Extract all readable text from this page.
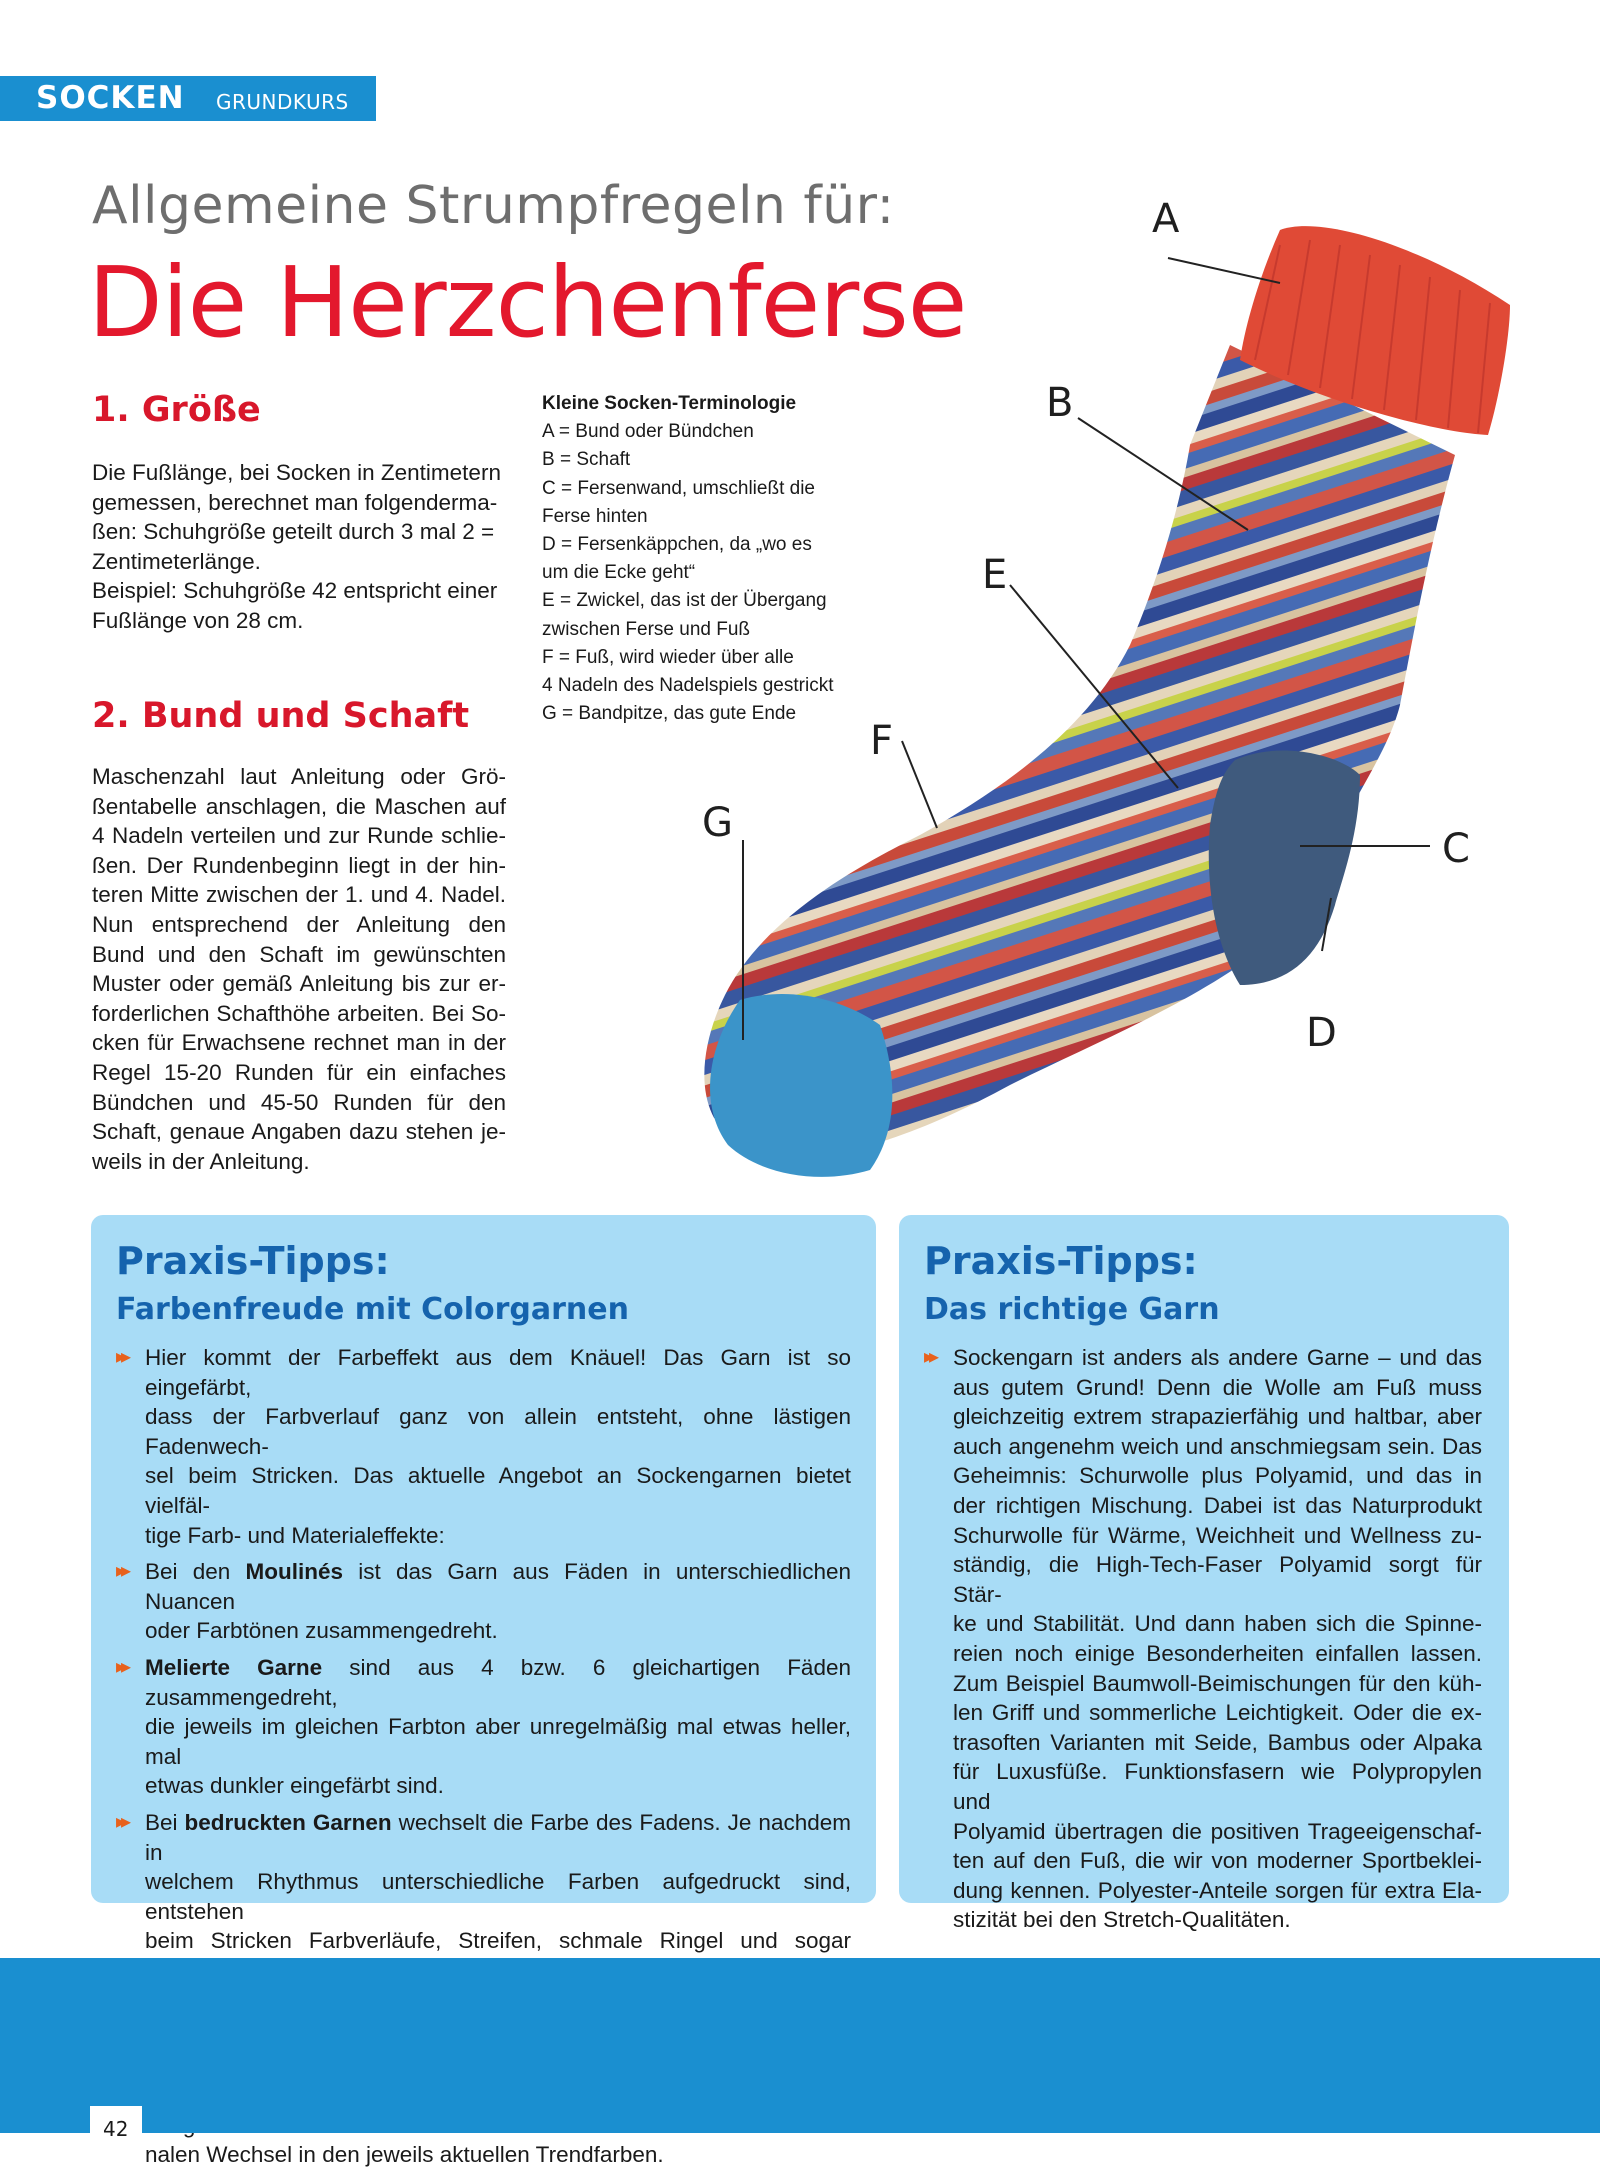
SOCKEN GRUNDKURS
Allgemeine Strumpfregeln für:
Die Herzchenferse
1. Größe

Die Fußlänge, bei Socken in Zentimetern
gemessen, berechnet man folgenderma-
ßen: Schuhgröße geteilt durch 3 mal 2 =
Zentimeterlänge.
Beispiel: Schuhgröße 42 entspricht einer
Fußlänge von 28 cm.

2. Bund und Schaft

Maschenzahl laut Anleitung oder Grö-
ßentabelle anschlagen, die Maschen auf
4 Nadeln verteilen und zur Runde schlie-
ßen. Der Rundenbeginn liegt in der hin-
teren Mitte zwischen der 1. und 4. Nadel.
Nun entsprechend der Anleitung den
Bund und den Schaft im gewünschten
Muster oder gemäß Anleitung bis zur er-
forderlichen Schafthöhe arbeiten. Bei So-
cken für Erwachsene rechnet man in der
Regel 15-20 Runden für ein einfaches
Bündchen und 45-50 Runden für den
Schaft, genaue Angaben dazu stehen je-
weils in der Anleitung.

Kleine Socken-Terminologie
A = Bund oder Bündchen
B = Schaft
C = Fersenwand, umschließt die
Ferse hinten
D = Fersenkäppchen, da „wo es
um die Ecke geht“
E = Zwickel, das ist der Übergang
zwischen Ferse und Fuß
F = Fuß, wird wieder über alle
4 Nadeln des Nadelspiels gestrickt
G = Bandpitze, das gute Ende
A
B
C
D
E
F
G
Praxis-Tipps:
Farbenfreude mit Colorgarnen
▸▸ Hier kommt der Farbeffekt aus dem Knäuel! Das Garn ist so eingefärbt,
dass der Farbverlauf ganz von allein entsteht, ohne lästigen Fadenwech-
sel beim Stricken. Das aktuelle Angebot an Sockengarnen bietet vielfäl-
tige Farb- und Materialeffekte:
▸▸ Bei den Moulinés ist das Garn aus Fäden in unterschiedlichen Nuancen
oder Farbtönen zusammengedreht.
▸▸ Melierte Garne sind aus 4 bzw. 6 gleichartigen Fäden zusammengedreht,
die jeweils im gleichen Farbton aber unregelmäßig mal etwas heller, mal
etwas dunkler eingefärbt sind.
▸▸ Bei bedruckten Garnen wechselt die Farbe des Fadens. Je nachdem in
welchem Rhythmus unterschiedliche Farben aufgedruckt sind, entstehen
beim Stricken Farbverläufe, Streifen, schmale Ringel und sogar
nalen Wechsel in den jeweils aktuellen Trendfarben.
Praxis-Tipps:
Das richtige Garn
▸▸ Sockengarn ist anders als andere Garne – und das
aus gutem Grund! Denn die Wolle am Fuß muss
gleichzeitig extrem strapazierfähig und haltbar, aber
auch angenehm weich und anschmiegsam sein. Das
Geheimnis: Schurwolle plus Polyamid, und das in
der richtigen Mischung. Dabei ist das Naturprodukt
Schurwolle für Wärme, Weichheit und Wellness zu-
ständig, die High-Tech-Faser Polyamid sorgt für Stär-
ke und Stabilität. Und dann haben sich die Spinne-
reien noch einige Besonderheiten einfallen lassen.
Zum Beispiel Baumwoll-Beimischungen für den küh-
len Griff und sommerliche Leichtigkeit. Oder die ex-
trasoften Varianten mit Seide, Bambus oder Alpaka
für Luxusfüße. Funktionsfasern wie Polypropylen und
Polyamid übertragen die positiven Trageeigenschaf-
ten auf den Fuß, die wir von moderner Sportbeklei-
dung kennen. Polyester-Anteile sorgen für extra Ela-
stizität bei den Stretch-Qualitäten.
42
